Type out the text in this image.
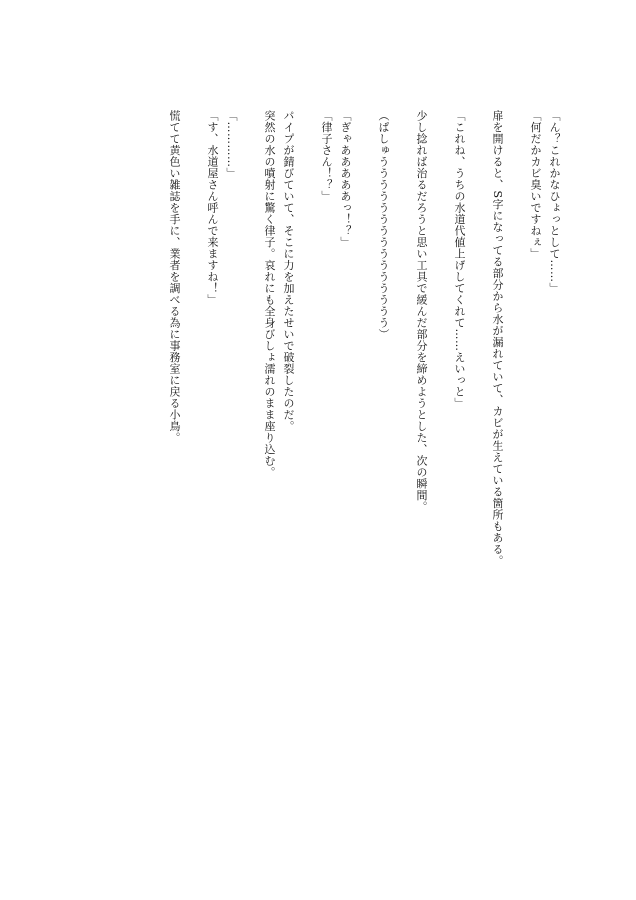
「ん？これかなひょっとして……」
「何だかカビ臭いですねぇ」
扉を開けると、S字になってる部分から水が漏れていて、カビが生えている箇所もある。
「これね、うちの水道代値上げしてくれて……えいっと」
少し捻れば治るだろうと思い工具で緩んだ部分を締めようとした、次の瞬間。
（ぱしゅううううううううううううううう）
「ぎゃあああああっ！？」
「律子さん！？」
パイプが錆びていて、そこに力を加えたせいで破裂したのだ。
突然の水の噴射に驚く律子。哀れにも全身びしょ濡れのまま座り込む。
「…………」
「す、水道屋さん呼んで来ますね！」
慌てて黄色い雑誌を手に、業者を調べる為に事務室に戻る小鳥。
